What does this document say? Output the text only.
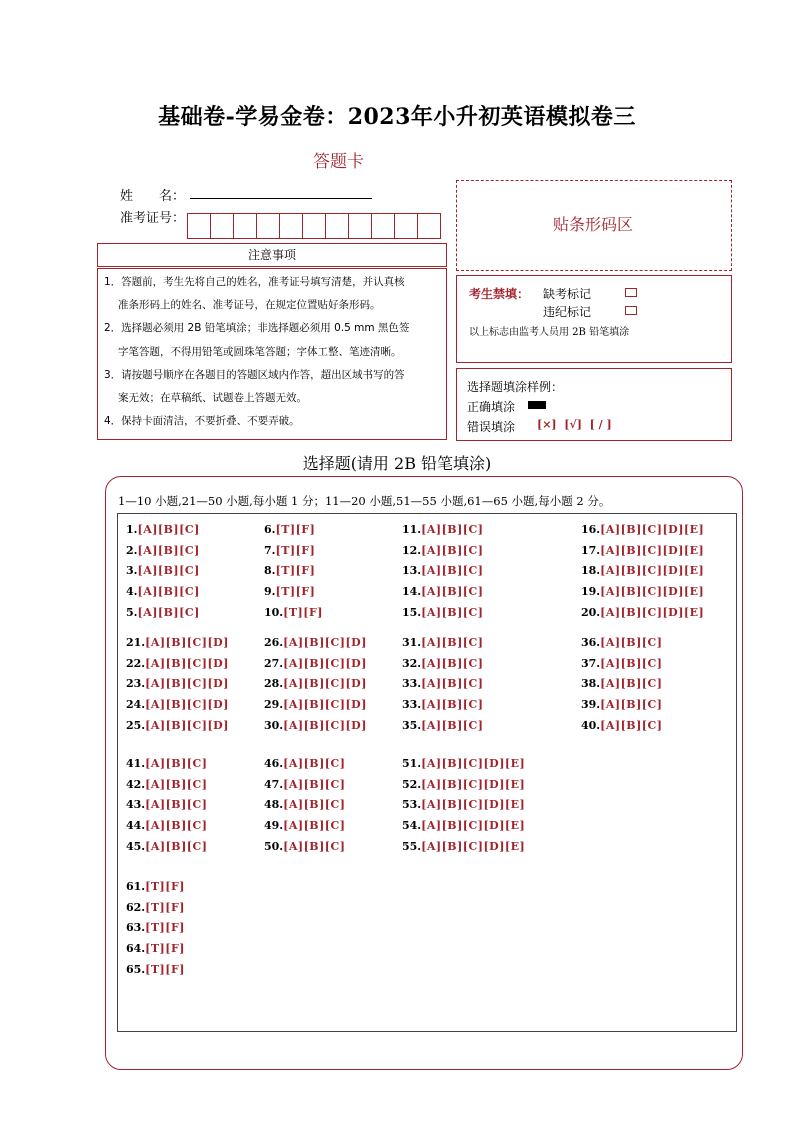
基础卷-学易金卷：2023年小升初英语模拟卷三
答题卡
姓　　名：
准考证号：	贴条形码区
注意事项
1．答题前，考生先将自己的姓名，准考证号填写清楚，并认真核
准条形码上的姓名、准考证号，在规定位置贴好条形码。
2．选择题必须用 2B 铅笔填涂；非选择题必须用 0.5 mm 黑色签
字笔答题，不得用铅笔或圆珠笔答题；字体工整、笔迹清晰。
3．请按题号顺序在各题目的答题区域内作答，超出区域书写的答
案无效；在草稿纸、试题卷上答题无效。
4．保持卡面清洁，不要折叠、不要弄破。
考生禁填： 缺考标记
违纪标记
以上标志由监考人员用 2B 铅笔填涂
选择题填涂样例：
正确填涂
错误填涂 [×]  [√]  [ / ]
选择题(请用 2B 铅笔填涂)
1—10 小题,21—50 小题,每小题 1 分；11—20 小题,51—55 小题,61—65 小题,每小题 2 分。
1.[A][B][C]
2.[A][B][C]
3.[A][B][C]
4.[A][B][C]
5.[A][B][C]
6.[T][F]
7.[T][F]
8.[T][F]
9.[T][F]
10.[T][F]
11.[A][B][C]
12.[A][B][C]
13.[A][B][C]
14.[A][B][C]
15.[A][B][C]
16.[A][B][C][D][E]
17.[A][B][C][D][E]
18.[A][B][C][D][E]
19.[A][B][C][D][E]
20.[A][B][C][D][E]
21.[A][B][C][D]
22.[A][B][C][D]
23.[A][B][C][D]
24.[A][B][C][D]
25.[A][B][C][D]
26.[A][B][C][D]
27.[A][B][C][D]
28.[A][B][C][D]
29.[A][B][C][D]
30.[A][B][C][D]
31.[A][B][C]
32.[A][B][C]
33.[A][B][C]
33.[A][B][C]
35.[A][B][C]
36.[A][B][C]
37.[A][B][C]
38.[A][B][C]
39.[A][B][C]
40.[A][B][C]
41.[A][B][C]
42.[A][B][C]
43.[A][B][C]
44.[A][B][C]
45.[A][B][C]
46.[A][B][C]
47.[A][B][C]
48.[A][B][C]
49.[A][B][C]
50.[A][B][C]
51.[A][B][C][D][E]
52.[A][B][C][D][E]
53.[A][B][C][D][E]
54.[A][B][C][D][E]
55.[A][B][C][D][E]
61.[T][F]
62.[T][F]
63.[T][F]
64.[T][F]
65.[T][F]
